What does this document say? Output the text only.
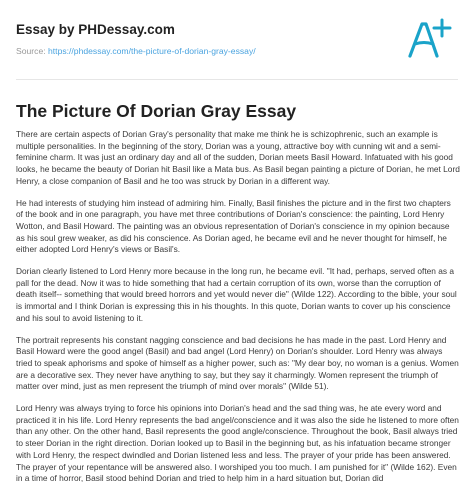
Essay by PHDessay.com
Source: https://phdessay.com/the-picture-of-dorian-gray-essay/
The Picture Of Dorian Gray Essay

There are certain aspects of Dorian Gray's personality that make me think he is schizophrenic, such an example is multiple personalities. In the beginning of the story, Dorian was a young, attractive boy with cunning wit and a semi-feminine charm. It was just an ordinary day and all of the sudden, Dorian meets Basil Howard. Infatuated with his good looks, he became the beauty of Dorian hit Basil like a Mata bus. As Basil began painting a picture of Dorian, he met Lord Henry, a close companion of Basil and he too was struck by Dorian in a different way.

He had interests of studying him instead of admiring him. Finally, Basil finishes the picture and in the first two chapters of the book and in one paragraph, you have met three contributions of Dorian's conscience: the painting, Lord Henry Wotton, and Basil Howard. The painting was an obvious representation of Dorian's conscience in my opinion because as his soul grew weaker, as did his conscience. As Dorian aged, he became evil and he never thought for himself, he either adopted Lord Henry's views or Basil's.

Dorian clearly listened to Lord Henry more because in the long run, he became evil. "It had, perhaps, served often as a pall for the dead. Now it was to hide something that had a certain corruption of its own, worse than the corruption of death itself-- something that would breed horrors and yet would never die" (Wilde 122). According to the bible, your soul is immortal and I think Dorian is expressing this in his thoughts. In this quote, Dorian wants to cover up his conscience and his soul to avoid listening to it.

The portrait represents his constant nagging conscience and bad decisions he has made in the past. Lord Henry and Basil Howard were the good angel (Basil) and bad angel (Lord Henry) on Dorian's shoulder. Lord Henry was always tried to speak aphorisms and spoke of himself as a higher power, such as: "My dear boy, no woman is a genius. Women are a decorative sex. They never have anything to say, but they say it charmingly. Women represent the triumph of matter over mind, just as men represent the triumph of mind over morals" (Wilde 51).

Lord Henry was always trying to force his opinions into Dorian's head and the sad thing was, he ate every word and practiced it in his life. Lord Henry represents the bad angel/conscience and it was also the side he listened to more often than any other. On the other hand, Basil represents the good angle/conscience. Throughout the book, Basil always tried to steer Dorian in the right direction. Dorian looked up to Basil in the beginning but, as his infatuation became stronger with Lord Henry, the respect dwindled and Dorian listened less and less. The prayer of your pride has been answered. The prayer of your repentance will be answered also. I worshiped you too much. I am punished for it" (Wilde 162). Even in a time of horror, Basil stood behind Dorian and tried to help him in a hard situation but, Dorian did
